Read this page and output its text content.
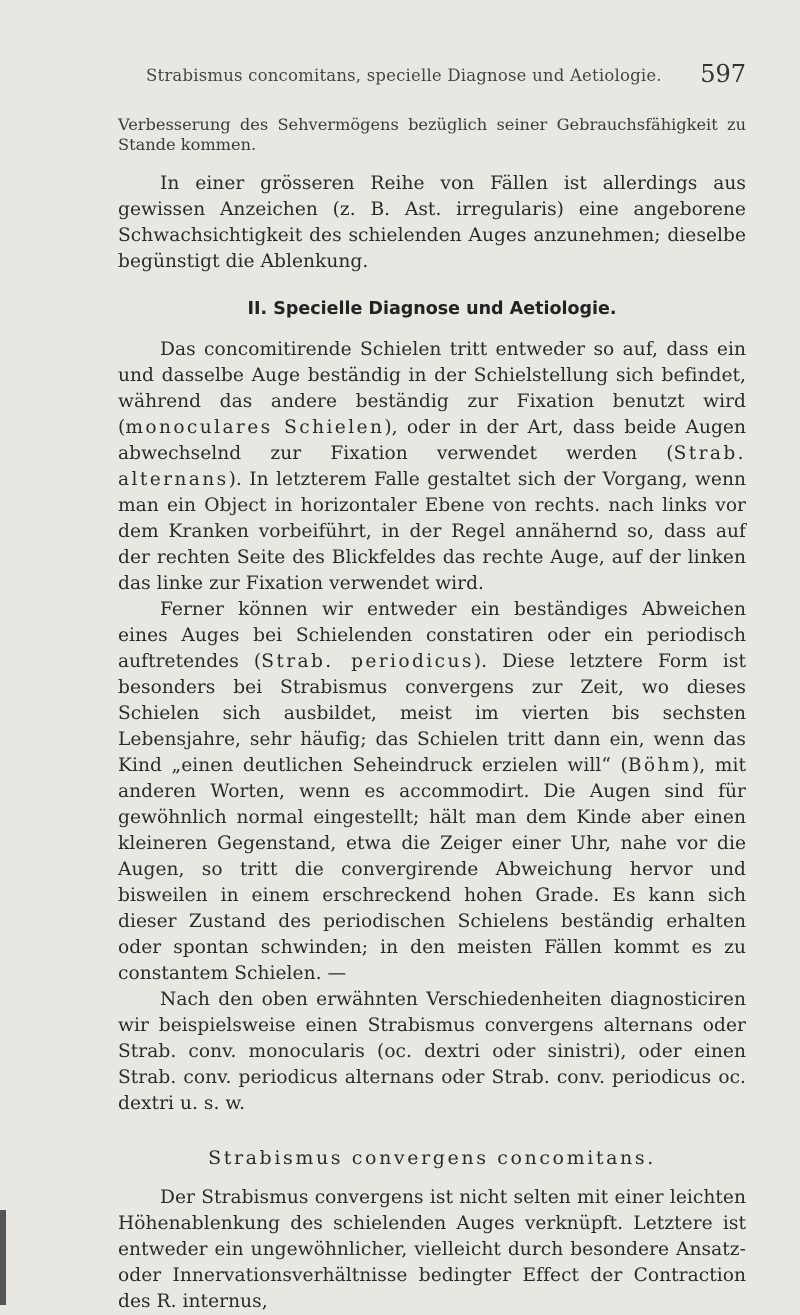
Strabismus concomitans, specielle Diagnose und Aetiologie. 597

Verbesserung des Sehvermögens bezüglich seiner Gebrauchsfähigkeit zu Stande kommen.

In einer grösseren Reihe von Fällen ist allerdings aus gewissen Anzeichen (z. B. Ast. irregularis) eine angeborene Schwachsichtigkeit des schielenden Auges anzunehmen; dieselbe begünstigt die Ablenkung.

II. Specielle Diagnose und Aetiologie.

Das concomitirende Schielen tritt entweder so auf, dass ein und dasselbe Auge beständig in der Schielstellung sich befindet, während das andere beständig zur Fixation benutzt wird (monoculares Schielen), oder in der Art, dass beide Augen abwechselnd zur Fixation verwendet werden (Strab. alternans). In letzterem Falle gestaltet sich der Vorgang, wenn man ein Object in horizontaler Ebene von rechts. nach links vor dem Kranken vorbeiführt, in der Regel annähernd so, dass auf der rechten Seite des Blickfeldes das rechte Auge, auf der linken das linke zur Fixation verwendet wird.

Ferner können wir entweder ein beständiges Abweichen eines Auges bei Schielenden constatiren oder ein periodisch auftretendes (Strab. periodicus). Diese letztere Form ist besonders bei Strabismus convergens zur Zeit, wo dieses Schielen sich ausbildet, meist im vierten bis sechsten Lebensjahre, sehr häufig; das Schielen tritt dann ein, wenn das Kind „einen deutlichen Seheindruck erzielen will“ (Böhm), mit anderen Worten, wenn es accommodirt. Die Augen sind für gewöhnlich normal eingestellt; hält man dem Kinde aber einen kleineren Gegenstand, etwa die Zeiger einer Uhr, nahe vor die Augen, so tritt die convergirende Abweichung hervor und bisweilen in einem erschreckend hohen Grade. Es kann sich dieser Zustand des periodischen Schielens beständig erhalten oder spontan schwinden; in den meisten Fällen kommt es zu constantem Schielen. —

Nach den oben erwähnten Verschiedenheiten diagnosticiren wir beispielsweise einen Strabismus convergens alternans oder Strab. conv. monocularis (oc. dextri oder sinistri), oder einen Strab. conv. periodicus alternans oder Strab. conv. periodicus oc. dextri u. s. w.

Strabismus convergens concomitans.

Der Strabismus convergens ist nicht selten mit einer leichten Höhenablenkung des schielenden Auges verknüpft. Letztere ist entweder ein ungewöhnlicher, vielleicht durch besondere Ansatz- oder Innervationsverhältnisse bedingter Effect der Contraction des R. internus,
